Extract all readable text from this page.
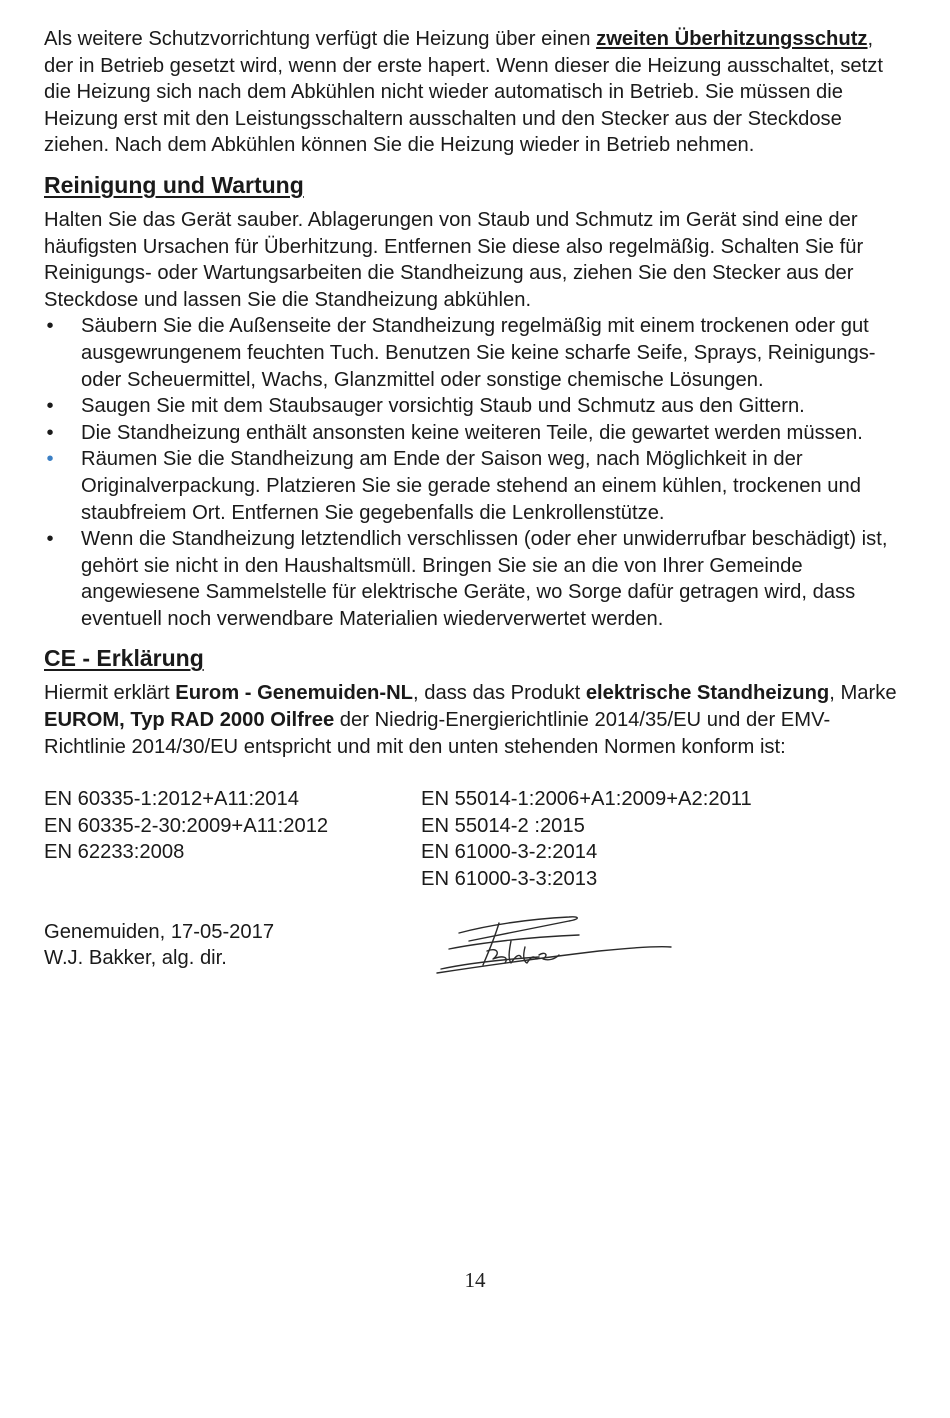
Als weitere Schutzvorrichtung verfügt die Heizung über einen zweiten Überhitzungsschutz, der in Betrieb gesetzt wird, wenn der erste hapert. Wenn dieser die Heizung ausschaltet, setzt die Heizung sich nach dem Abkühlen nicht wieder automatisch in Betrieb. Sie müssen die Heizung erst mit den Leistungsschaltern ausschalten und den Stecker aus der Steckdose ziehen. Nach dem Abkühlen können Sie die Heizung wieder in Betrieb nehmen.

Reinigung und Wartung

Halten Sie das Gerät sauber. Ablagerungen von Staub und Schmutz im Gerät sind eine der häufigsten Ursachen für Überhitzung. Entfernen Sie diese also regelmäßig. Schalten Sie für Reinigungs- oder Wartungsarbeiten die Standheizung aus, ziehen Sie den Stecker aus der Steckdose und lassen Sie die Standheizung abkühlen.

• Säubern Sie die Außenseite der Standheizung regelmäßig mit einem trockenen oder gut ausgewrungenem feuchten Tuch. Benutzen Sie keine scharfe Seife, Sprays, Reinigungs- oder Scheuermittel, Wachs, Glanzmittel oder sonstige chemische Lösungen.
• Saugen Sie mit dem Staubsauger vorsichtig Staub und Schmutz aus den Gittern.
• Die Standheizung enthält ansonsten keine weiteren Teile, die gewartet werden müssen.
• Räumen Sie die Standheizung am Ende der Saison weg, nach Möglichkeit in der Originalverpackung. Platzieren Sie sie gerade stehend an einem kühlen, trockenen und staubfreiem Ort. Entfernen Sie gegebenfalls die Lenkrollenstütze.
• Wenn die Standheizung letztendlich verschlissen (oder eher unwiderrufbar beschädigt) ist, gehört sie nicht in den Haushaltsmüll. Bringen Sie sie an die von Ihrer Gemeinde angewiesene Sammelstelle für elektrische Geräte, wo Sorge dafür getragen wird, dass eventuell noch verwendbare Materialien wiederverwertet werden.
CE - Erklärung

Hiermit erklärt Eurom - Genemuiden-NL, dass das Produkt elektrische Standheizung, Marke EUROM, Typ RAD 2000 Oilfree der Niedrig-Energierichtlinie 2014/35/EU und der EMV-Richtlinie 2014/30/EU entspricht und mit den unten stehenden Normen konform ist:

EN 60335-1:2012+A11:2014
EN 60335-2-30:2009+A11:2012
EN 62233:2008
EN 55014-1:2006+A1:2009+A2:2011
EN 55014-2 :2015
EN 61000-3-2:2014
EN 61000-3-3:2013
Genemuiden, 17-05-2017
W.J. Bakker, alg. dir.
14
